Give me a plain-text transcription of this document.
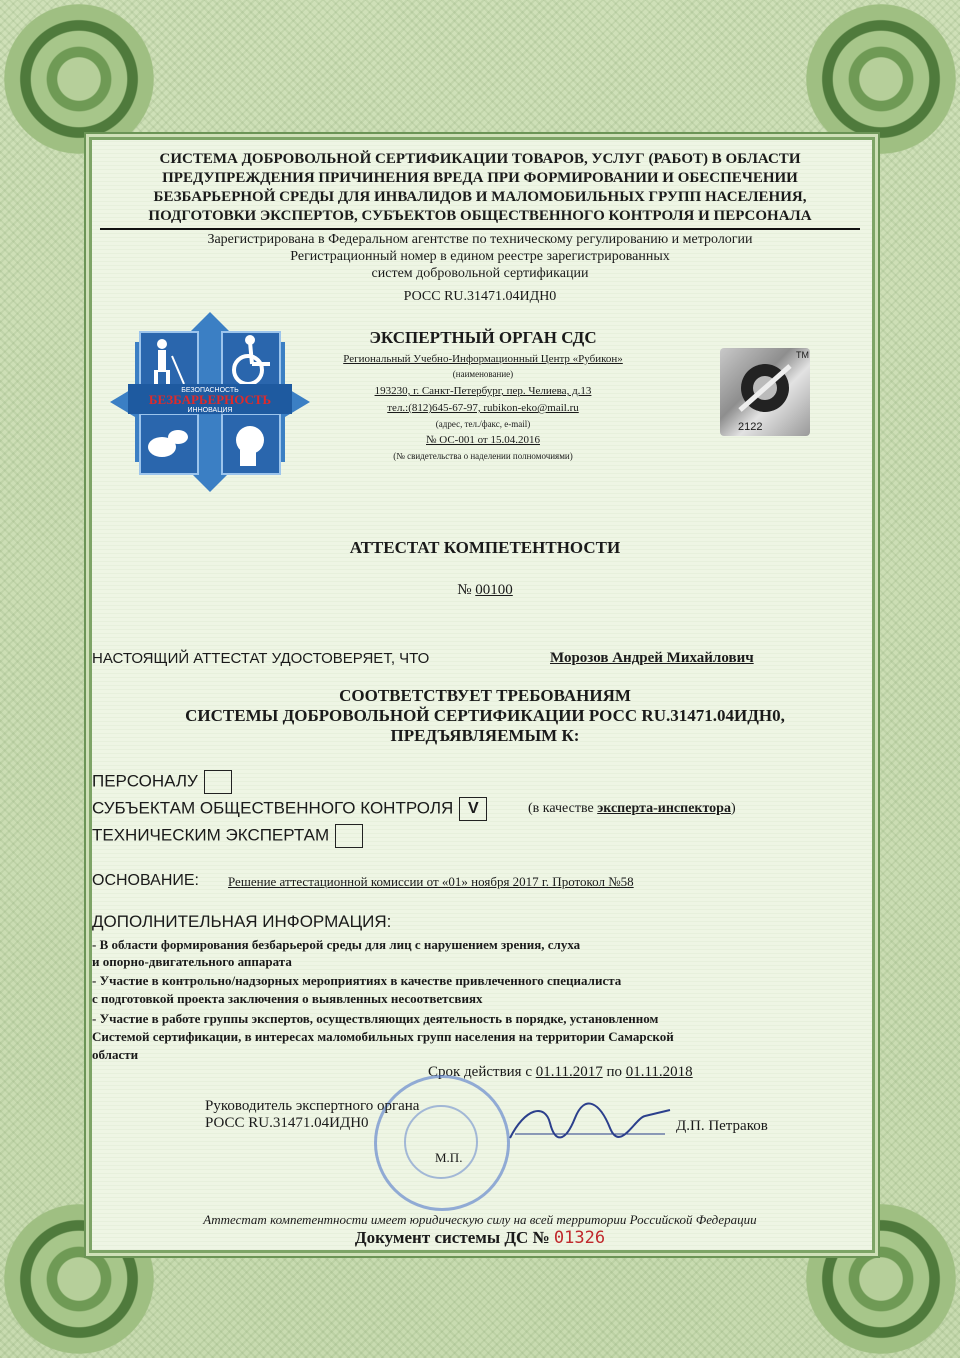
СИСТЕМА ДОБРОВОЛЬНОЙ СЕРТИФИКАЦИИ ТОВАРОВ, УСЛУГ (РАБОТ) В ОБЛАСТИ
ПРЕДУПРЕЖДЕНИЯ ПРИЧИНЕНИЯ ВРЕДА ПРИ ФОРМИРОВАНИИ И ОБЕСПЕЧЕНИИ
БЕЗБАРЬЕРНОЙ СРЕДЫ ДЛЯ ИНВАЛИДОВ И МАЛОМОБИЛЬНЫХ ГРУПП НАСЕЛЕНИЯ,
ПОДГОТОВКИ ЭКСПЕРТОВ, СУБЪЕКТОВ ОБЩЕСТВЕННОГО КОНТРОЛЯ И ПЕРСОНАЛА
Зарегистрирована в Федеральном агентстве по техническому регулированию и метрологии
Регистрационный номер в едином реестре зарегистрированных
систем добровольной сертификации
РОСС RU.31471.04ИДН0
БЕЗОПАСНОСТЬ
БЕЗБАРЬЕРНОСТЬ
ИННОВАЦИЯ
ЭКСПЕРТНЫЙ ОРГАН СДС
Региональный Учебно-Информационный Центр «Рубикон»
(наименование)
193230, г. Санкт-Петербург, пер. Челиева, д.13
тел.:(812)645-67-97, rubikon-eko@mail.ru
(адрес, тел./факс, e-mail)
№ ОС-001 от 15.04.2016
(№ свидетельства о наделении полномочиями)
TM
2122
АТТЕСТАТ КОМПЕТЕНТНОСТИ
№ 00100
НАСТОЯЩИЙ АТТЕСТАТ УДОСТОВЕРЯЕТ, ЧТО	Морозов Андрей Михайлович
СООТВЕТСТВУЕТ ТРЕБОВАНИЯМ
СИСТЕМЫ ДОБРОВОЛЬНОЙ СЕРТИФИКАЦИИ РОСС RU.31471.04ИДН0,
ПРЕДЪЯВЛЯЕМЫМ К:
ПЕРСОНАЛУ
СУБЪЕКТАМ ОБЩЕСТВЕННОГО КОНТРОЛЯ V	(в качестве эксперта-инспектора)
ТЕХНИЧЕСКИМ ЭКСПЕРТАМ
ОСНОВАНИЕ: Решение аттестационной комиссии от «01» ноября 2017 г. Протокол №58
ДОПОЛНИТЕЛЬНАЯ ИНФОРМАЦИЯ:
- В области формирования безбарьерой среды для лиц с нарушением зрения, слуха
и опорно-двигательного аппарата
- Участие в контрольно/надзорных мероприятиях в качестве привлеченного специалиста
с подготовкой проекта заключения о выявленных несоответсвиях
- Участие в работе группы экспертов, осуществляющих деятельность в порядке, установленном
Системой сертификации, в интересах маломобильных групп населения на территории Самарской
области
Срок действия с 01.11.2017 по 01.11.2018
Руководитель экспертного органа
РОСС RU.31471.04ИДН0
М.П.
Д.П. Петраков
Аттестат компетентности имеет юридическую силу на всей территории Российской Федерации
Документ системы ДС № 01326
